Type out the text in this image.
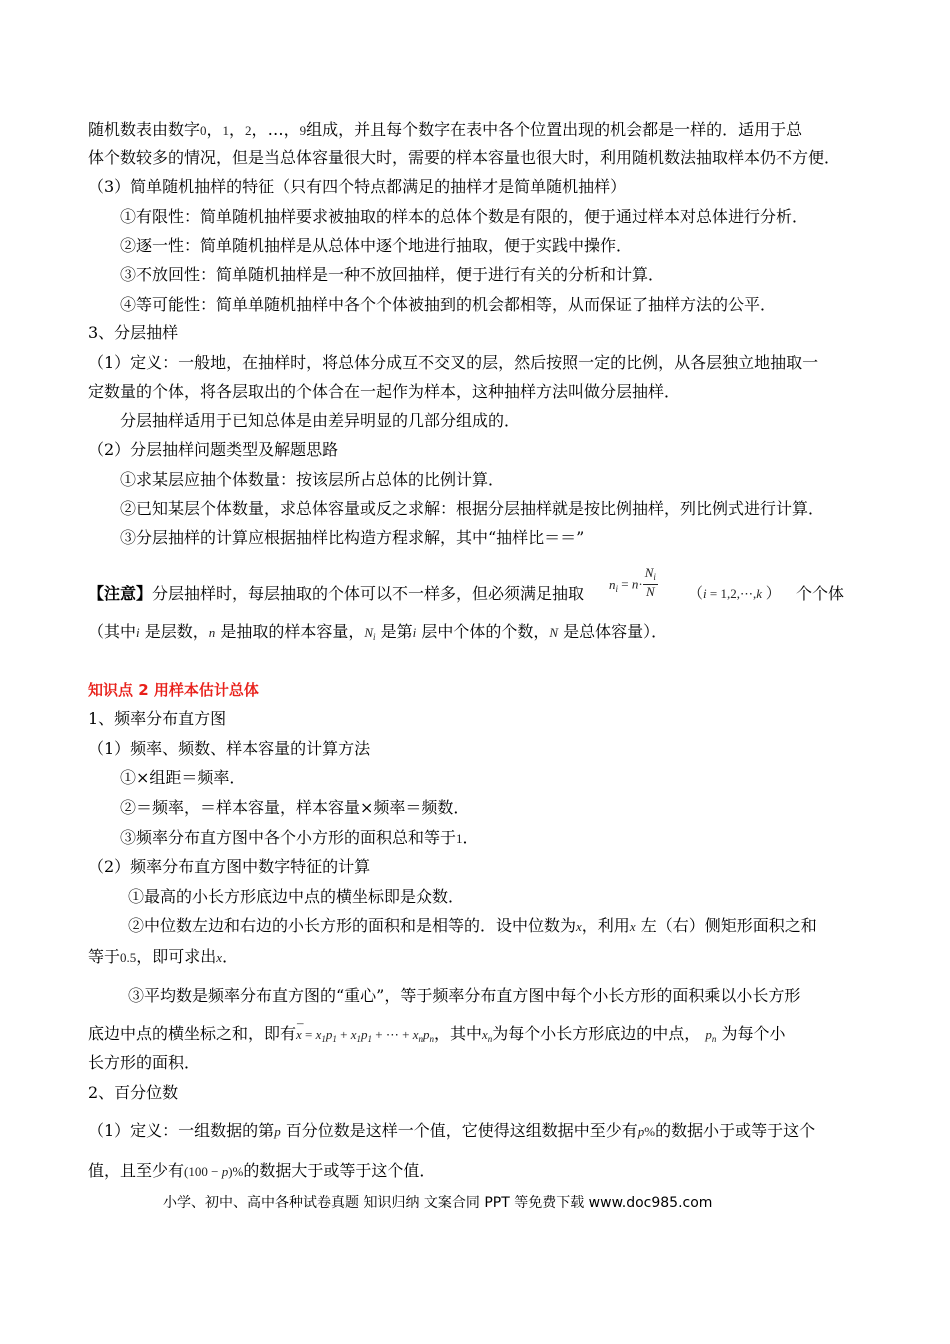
随机数表由数字0，1，2，…，9组成，并且每个数字在表中各个位置出现的机会都是一样的．适用于总
体个数较多的情况，但是当总体容量很大时，需要的样本容量也很大时，利用随机数法抽取样本仍不方便．
（3）简单随机抽样的特征（只有四个特点都满足的抽样才是简单随机抽样）
①有限性：简单随机抽样要求被抽取的样本的总体个数是有限的，便于通过样本对总体进行分析．
②逐一性：简单随机抽样是从总体中逐个地进行抽取，便于实践中操作．
③不放回性：简单随机抽样是一种不放回抽样，便于进行有关的分析和计算．
④等可能性：简单单随机抽样中各个个体被抽到的机会都相等，从而保证了抽样方法的公平．
3、分层抽样
（1）定义：一般地，在抽样时，将总体分成互不交叉的层，然后按照一定的比例，从各层独立地抽取一
定数量的个体，将各层取出的个体合在一起作为样本，这种抽样方法叫做分层抽样．
分层抽样适用于已知总体是由差异明显的几部分组成的．
（2）分层抽样问题类型及解题思路
①求某层应抽个体数量：按该层所占总体的比例计算．
②已知某层个体数量，求总体容量或反之求解：根据分层抽样就是按比例抽样，列比例式进行计算．
③分层抽样的计算应根据抽样比构造方程求解，其中“抽样比＝＝”
【注意】分层抽样时，每层抽取的个体可以不一样多，但必须满足抽取 $n_i = n\cdot \frac{N_i}{N} (i$ = 1,2,⋯,k ） 个个体
（其中i 是层数，n 是抽取的样本容量，$N_i$ 是第i 层中个体的个数，N 是总体容量）．
知识点 2 用样本估计总体
1、频率分布直方图
（1）频率、频数、样本容量的计算方法
①×组距＝频率．
②＝频率，＝样本容量，样本容量×频率＝频数．
③频率分布直方图中各个小方形的面积总和等于1．
（2）频率分布直方图中数字特征的计算
①最高的小长方形底边中点的横坐标即是众数．
②中位数左边和右边的小长方形的面积和是相等的．设中位数为x，利用x 左（右）侧矩形面积之和
等于0.5，即可求出x．
③平均数是频率分布直方图的“重心”，等于频率分布直方图中每个小长方形的面积乘以小长方形
底边中点的横坐标之和，即有
–
$x = x_1p_1 + x_1p_1$ + ⋯ + $x_np_n$，其中$x_n$为每个小长方形底边的中点， $p_n$ 为每个小
长方形的面积．
2、百分位数
（1）定义：一组数据的第p 百分位数是这样一个值，它使得这组数据中至少有p%的数据小于或等于这个
值，且至少有(100 − p)%的数据大于或等于这个值．
小学、初中、高中各种试卷真题 知识归纳 文案合同 PPT 等免费下载 www.doc985.com
